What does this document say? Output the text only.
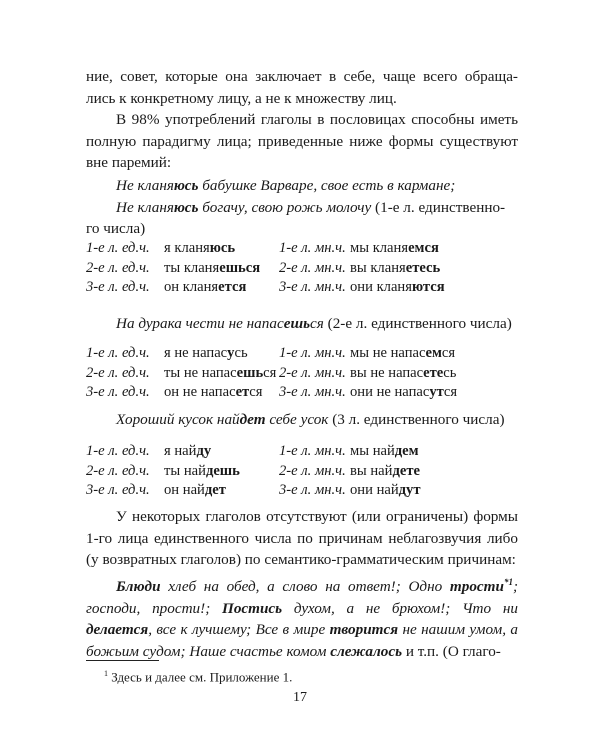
ние, совет, которые она заключает в себе, чаще всего обраща-

лись к конкретному лицу, а не к множеству лиц.

В 98% употреблений глаголы в пословицах способны иметь полную парадигму лица; приведенные ниже формы существуют вне паремий:

Не кланяюсь бабушке Варваре, свое есть в кармане;

Не кланяюсь богачу, свою рожь молочу (1-е л. единственно-

го числа)

1-е л. ед.ч. я кланяюсь	1-е л. мн.ч. мы кланяемся
2-е л. ед.ч. ты кланяешься 2-е л. мн.ч. вы кланяетесь
3-е л. ед.ч. он кланяется 3-е л. мн.ч. они кланяются

На дурака чести не напасешься (2-е л. единственного числа)

1-е л. ед.ч. я не напасусь 1-е л. мн.ч. мы не напасемся
2-е л. ед.ч. ты не напасешься 2-е л. мн.ч. вы не напасетесь
3-е л. ед.ч. он не напасется 3-е л. мн.ч. они не напасутся

Хороший кусок найдет себе усок (3 л. единственного числа)

1-е л. ед.ч. я найду	1-е л. мн.ч. мы найдем
2-е л. ед.ч. ты найдешь	2-е л. мн.ч. вы найдете
3-е л. ед.ч. он найдет	3-е л. мн.ч. они найдут

У некоторых глаголов отсутствуют (или ограничены) формы 1-го лица единственного числа по причинам неблагозвучия либо (у возвратных глаголов) по семантико-грамматическим причинам:

Блюди хлеб на обед, а слово на ответ!; Одно трости$^{*1}$; господи, прости!; Постись духом, а не брюхом!; Что ни делается, все к лучшему; Все в мире творится не нашим умом, а божьим судом; Наше счастье комом слежалось и т.п. (О глаго-

$^1$ Здесь и далее см. Приложение 1.
17
